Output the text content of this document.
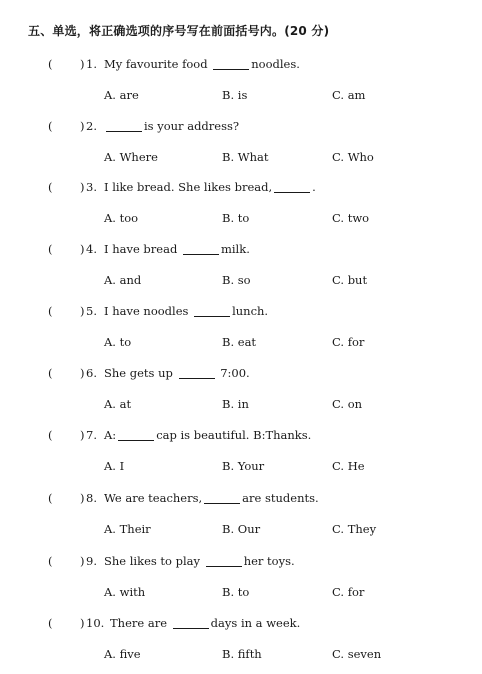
五、单选，将正确选项的序号写在前面括号内。(20 分)
( ) 1. My favourite food	noodles.
A. are	B. is	C. am
( ) 2.	is your address?
A. Where	B. What	C. Who
( ) 3. I like bread. She likes bread,	.
A. too	B. to	C. two
( ) 4. I have bread	milk.
A. and	B. so	C. but
( ) 5. I have noodles	lunch.
A. to	B. eat	C. for
( ) 6. She gets up	7:00.
A. at	B. in	C. on
( ) 7. A:	cap is beautiful. B:Thanks.
A. I	B. Your	C. He
( ) 8. We are teachers,	are students.
A. Their	B. Our	C. They
( ) 9. She likes to play	her toys.
A. with	B. to	C. for
( ) 10. There are	days in a week.
A. five	B. fifth	C. seven
